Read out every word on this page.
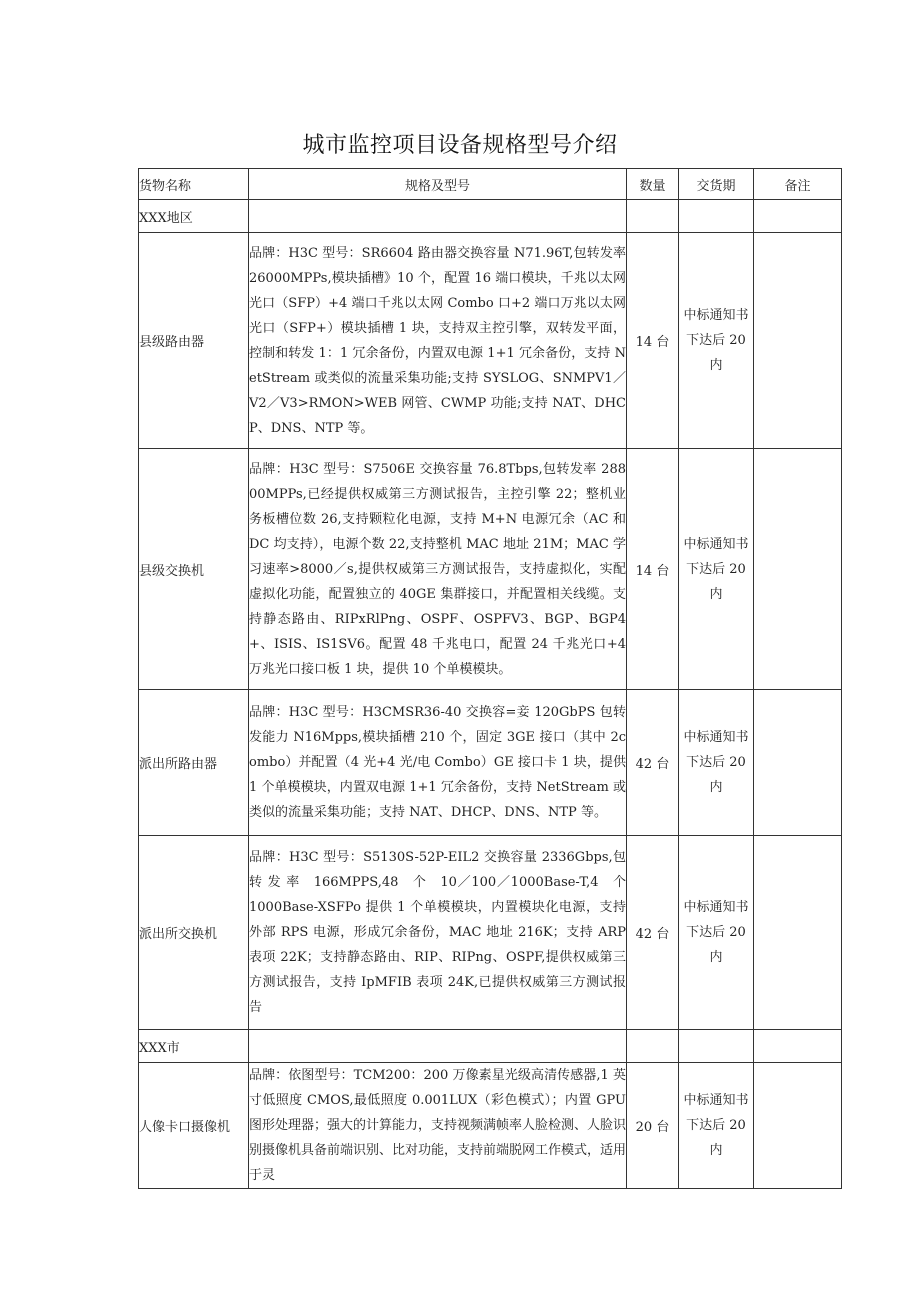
城市监控项目设备规格型号介绍
货物名称	规格及型号	数量	交货期	备注
XXX地区				
县级路由器	品牌：H3C 型号：SR6604 路由器交换容量 N71.96T,包转发率 26000MPPs,模块插槽》10 个，配置 16 端口模块，千兆以太网光口（SFP）+4 端口千兆以太网 Combo 口+2 端口万兆以太网光口（SFP+）模块插槽 1 块，支持双主控引擎，双转发平面，控制和转发 1：1 冗余备份，内置双电源 1+1 冗余备份，支持 NetStream 或类似的流量采集功能;支持 SYSLOG、SNMPV1／V2／V3>RMON>WEB 网管、CWMP 功能;支持 NAT、DHCP、DNS、NTP 等。	14 台	中标通知书下达后 20 内	
县级交换机	品牌：H3C 型号：S7506E 交换容量 76.8Tbps,包转发率 28800MPPs,已经提供权威第三方测试报告，主控引擎 22；整机业务板槽位数 26,支持颗粒化电源，支持 M+N 电源冗余（AC 和 DC 均支持），电源个数 22,支持整机 MAC 地址 21M；MAC 学习速率>8000／s,提供权威第三方测试报告，支持虚拟化，实配虚拟化功能，配置独立的 40GE 集群接口，并配置相关线缆。支持静态路由、RIPxRlPng、OSPF、OSPFV3、BGP、BGP4+、ISIS、IS1SV6。配置 48 千兆电口，配置 24 千兆光口+4 万兆光口接口板 1 块，提供 10 个单模模块。	14 台	中标通知书下达后 20 内	
派出所路由器	品牌：H3C 型号：H3CMSR36-40 交换容=妾 120GbPS 包转发能力 N16Mpps,模块插槽 210 个，固定 3GE 接口（其中 2combo）并配置（4 光+4 光/电 Combo）GE 接口卡 1 块，提供 1 个单模模块，内置双电源 1+1 冗余备份，支持 NetStream 或类似的流量采集功能；支持 NAT、DHCP、DNS、NTP 等。	42 台	中标通知书下达后 20 内	
派出所交换机	品牌：H3C 型号：S5130S-52P-EIL2 交换容量 2336Gbps,包转 发 率　166MPPS,48　个　10／100／1000Base-T,4　个 1000Base-XSFPo 提供 1 个单模模块，内置模块化电源，支持外部 RPS 电源，形成冗余备份，MAC 地址 216K；支持 ARP 表项 22K；支持静态路由、RIP、RIPng、OSPF,提供权威第三方测试报告，支持 IpMFIB 表项 24K,已提供权威第三方测试报告	42 台	中标通知书下达后 20 内	
XXX市				
人像卡口摄像机	品牌：依图型号：TCM200：200 万像素星光级高清传感器,1 英寸低照度 CMOS,最低照度 0.001LUX（彩色模式）；内置 GPU 图形处理器；强大的计算能力，支持视频满帧率人脸检测、人脸识别摄像机具备前端识别、比对功能，支持前端脱网工作模式，适用于灵	20 台	中标通知书下达后 20 内	
